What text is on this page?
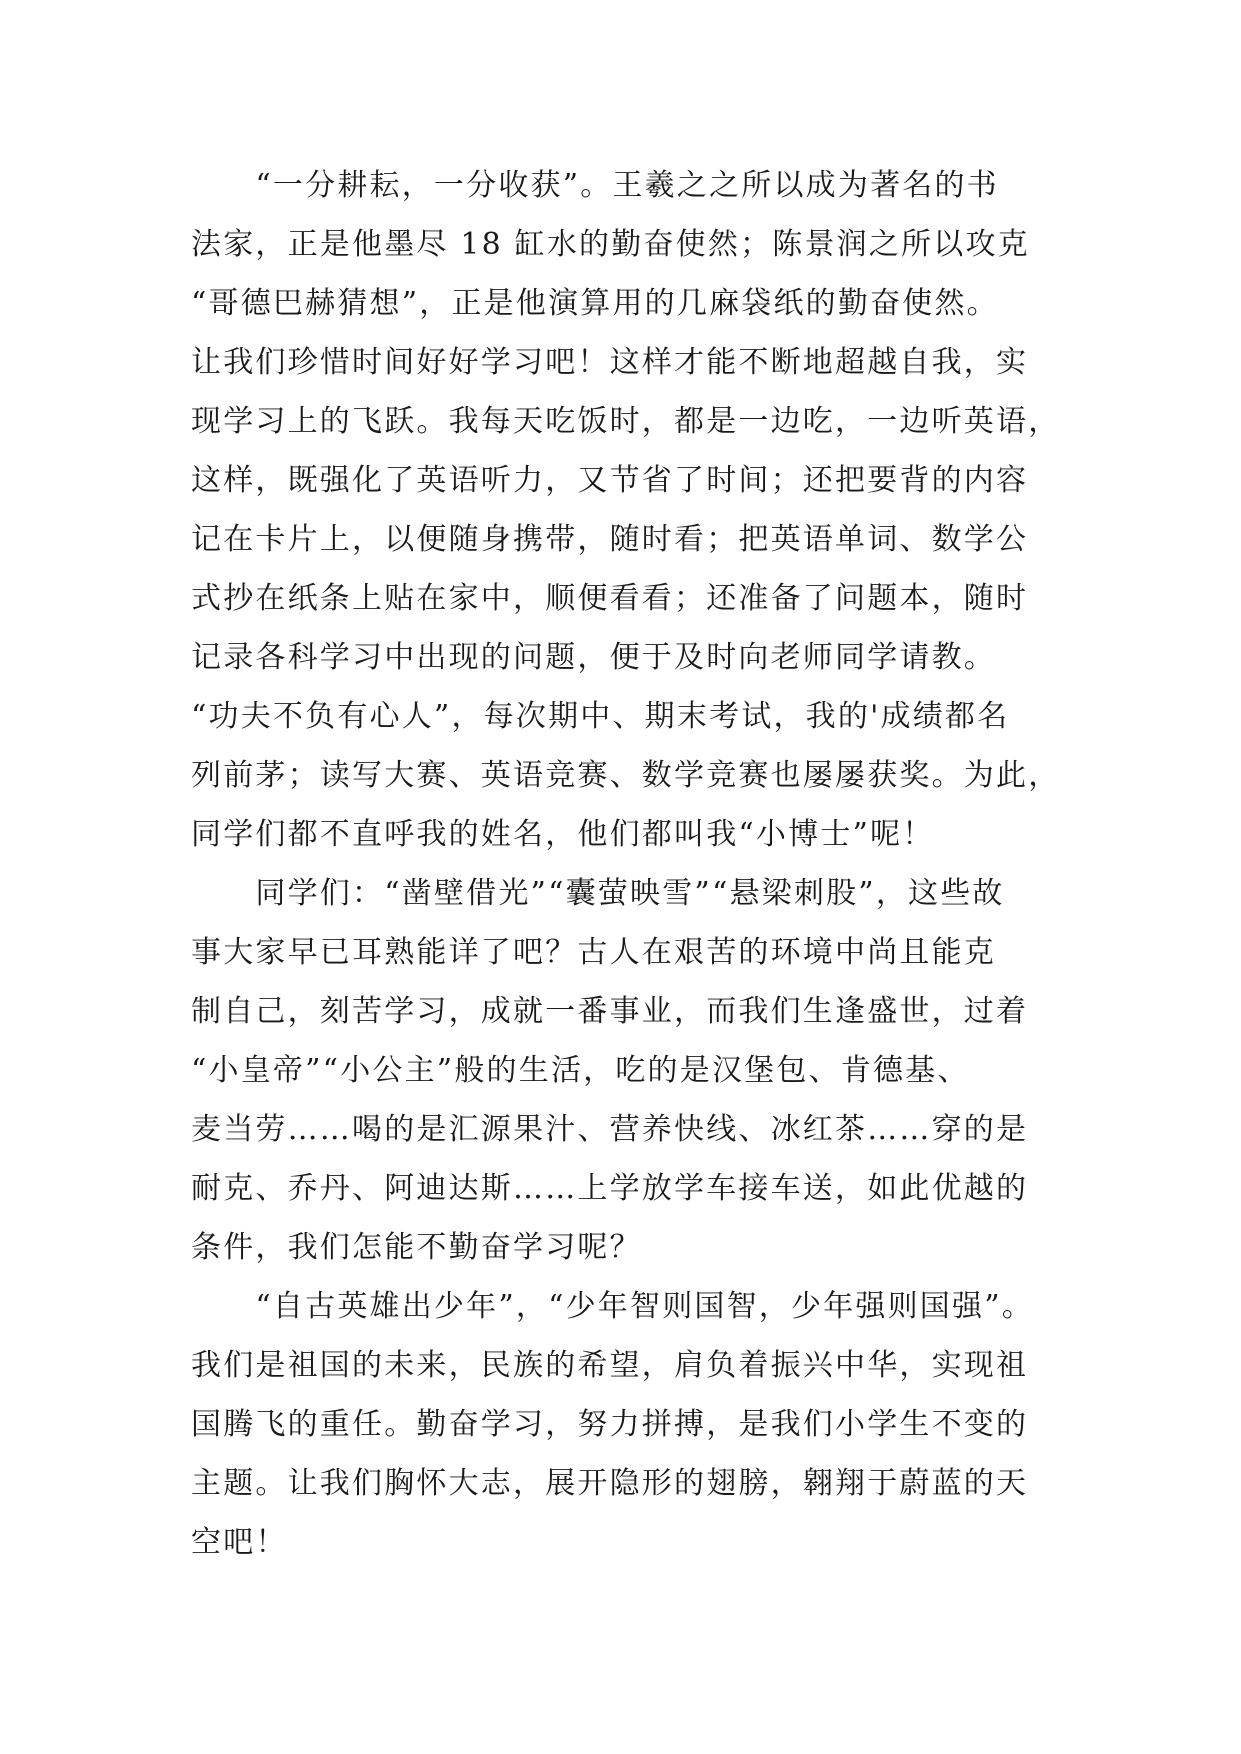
　　“一分耕耘，一分收获”。王羲之之所以成为著名的书
法家，正是他墨尽 18 缸水的勤奋使然；陈景润之所以攻克
“哥德巴赫猜想”，正是他演算用的几麻袋纸的勤奋使然。
让我们珍惜时间好好学习吧！这样才能不断地超越自我，实
现学习上的飞跃。我每天吃饭时，都是一边吃，一边听英语，
这样，既强化了英语听力，又节省了时间；还把要背的内容
记在卡片上，以便随身携带，随时看；把英语单词、数学公
式抄在纸条上贴在家中，顺便看看；还准备了问题本，随时
记录各科学习中出现的问题，便于及时向老师同学请教。
“功夫不负有心人”，每次期中、期末考试，我的'成绩都名
列前茅；读写大赛、英语竞赛、数学竞赛也屡屡获奖。为此，
同学们都不直呼我的姓名，他们都叫我“小博士”呢！
　　同学们：“凿壁借光”“囊萤映雪”“悬梁刺股”，这些故
事大家早已耳熟能详了吧？古人在艰苦的环境中尚且能克
制自己，刻苦学习，成就一番事业，而我们生逢盛世，过着
“小皇帝”“小公主”般的生活，吃的是汉堡包、肯德基、
麦当劳……喝的是汇源果汁、营养快线、冰红茶……穿的是
耐克、乔丹、阿迪达斯……上学放学车接车送，如此优越的
条件，我们怎能不勤奋学习呢？
　　“自古英雄出少年”，“少年智则国智，少年强则国强”。
我们是祖国的未来，民族的希望，肩负着振兴中华，实现祖
国腾飞的重任。勤奋学习，努力拼搏，是我们小学生不变的
主题。让我们胸怀大志，展开隐形的翅膀，翱翔于蔚蓝的天
空吧！
